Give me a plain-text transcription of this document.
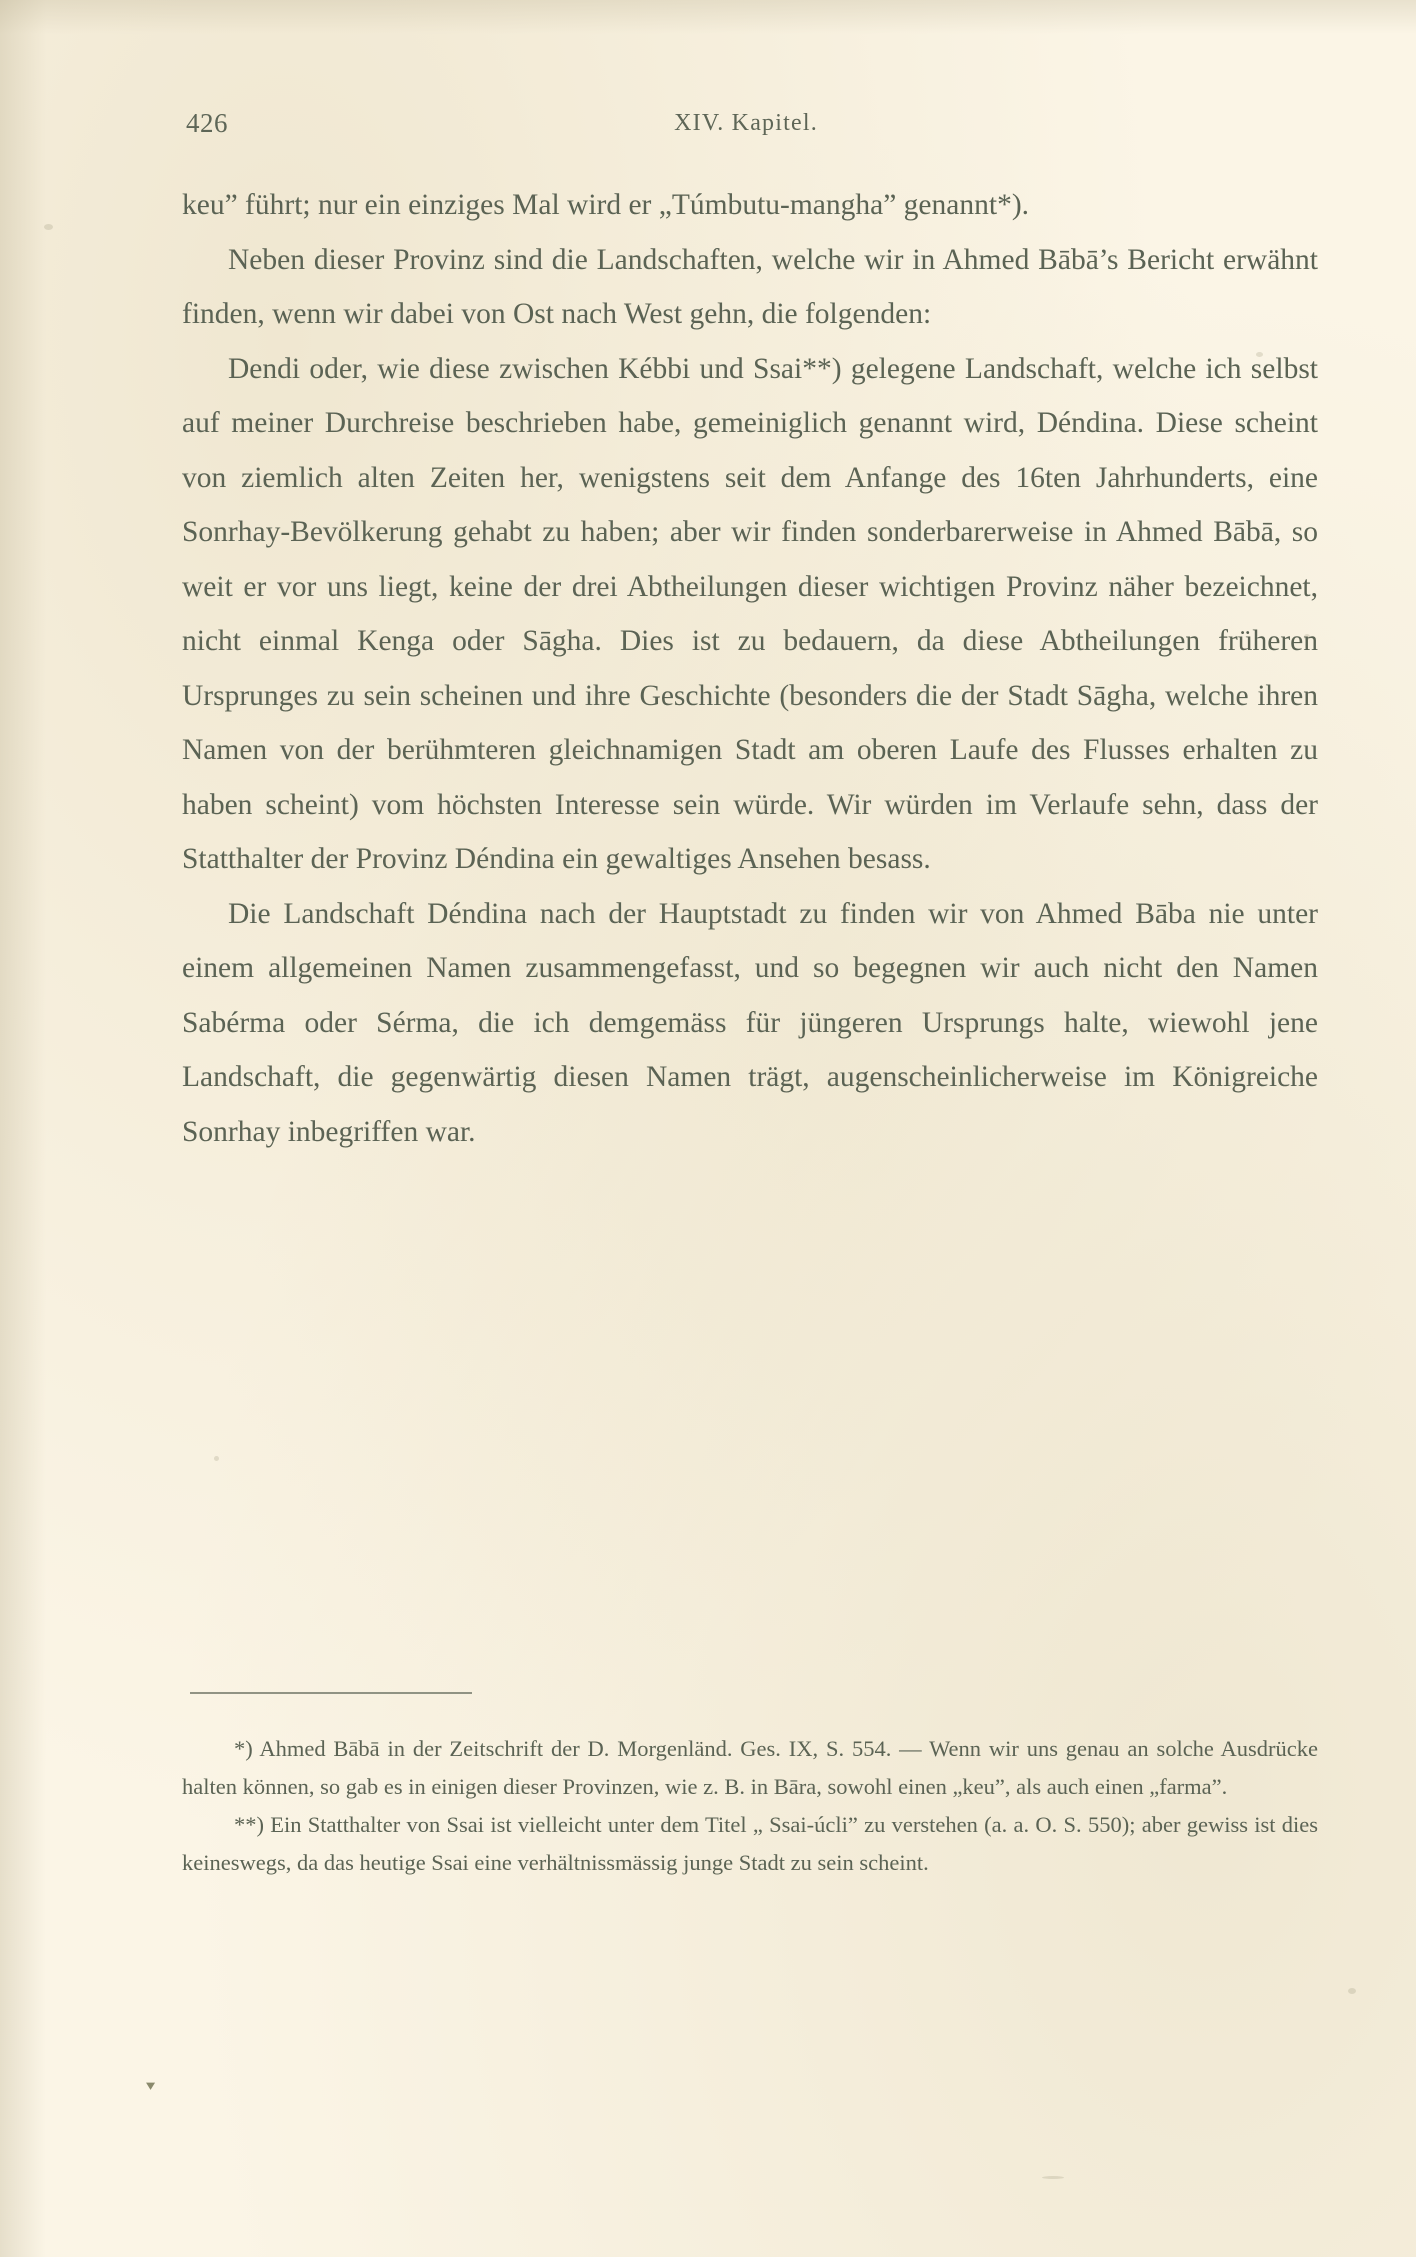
426	XIV. Kapitel.

keu” führt; nur ein einziges Mal wird er „Túmbutu-mangha” genannt*).

Neben dieser Provinz sind die Landschaften, welche wir in Ahmed Bābā’s Bericht erwähnt finden, wenn wir dabei von Ost nach West gehn, die folgenden:

Dendi oder, wie diese zwischen Kébbi und Ssai**) gelegene Landschaft, welche ich selbst auf meiner Durchreise beschrieben habe, gemeiniglich genannt wird, Déndina. Diese scheint von ziemlich alten Zeiten her, wenigstens seit dem Anfange des 16ten Jahrhunderts, eine Sonrhay-Bevölkerung gehabt zu haben; aber wir finden sonderbarerweise in Ahmed Bābā, so weit er vor uns liegt, keine der drei Abtheilungen dieser wichtigen Provinz näher bezeichnet, nicht einmal Kenga oder Sāgha. Dies ist zu bedauern, da diese Abtheilungen früheren Ursprunges zu sein scheinen und ihre Geschichte (besonders die der Stadt Sāgha, welche ihren Namen von der berühmteren gleichnamigen Stadt am oberen Laufe des Flusses erhalten zu haben scheint) vom höchsten Interesse sein würde. Wir würden im Verlaufe sehn, dass der Statthalter der Provinz Déndina ein gewaltiges Ansehen besass.

Die Landschaft Déndina nach der Hauptstadt zu finden wir von Ahmed Bāba nie unter einem allgemeinen Namen zusammengefasst, und so begegnen wir auch nicht den Namen Sabérma oder Sérma, die ich demgemäss für jüngeren Ursprungs halte, wiewohl jene Landschaft, die gegenwärtig diesen Namen trägt, augenscheinlicherweise im Königreiche Sonrhay inbegriffen war.

*) Ahmed Bābā in der Zeitschrift der D. Morgenländ. Ges. IX, S. 554. — Wenn wir uns genau an solche Ausdrücke halten können, so gab es in einigen dieser Provinzen, wie z. B. in Bāra, sowohl einen „keu”, als auch einen „farma”.

**) Ein Statthalter von Ssai ist vielleicht unter dem Titel „ Ssai-úcli” zu verstehen (a. a. O. S. 550); aber gewiss ist dies keineswegs, da das heutige Ssai eine verhältnissmässig junge Stadt zu sein scheint.

▾
